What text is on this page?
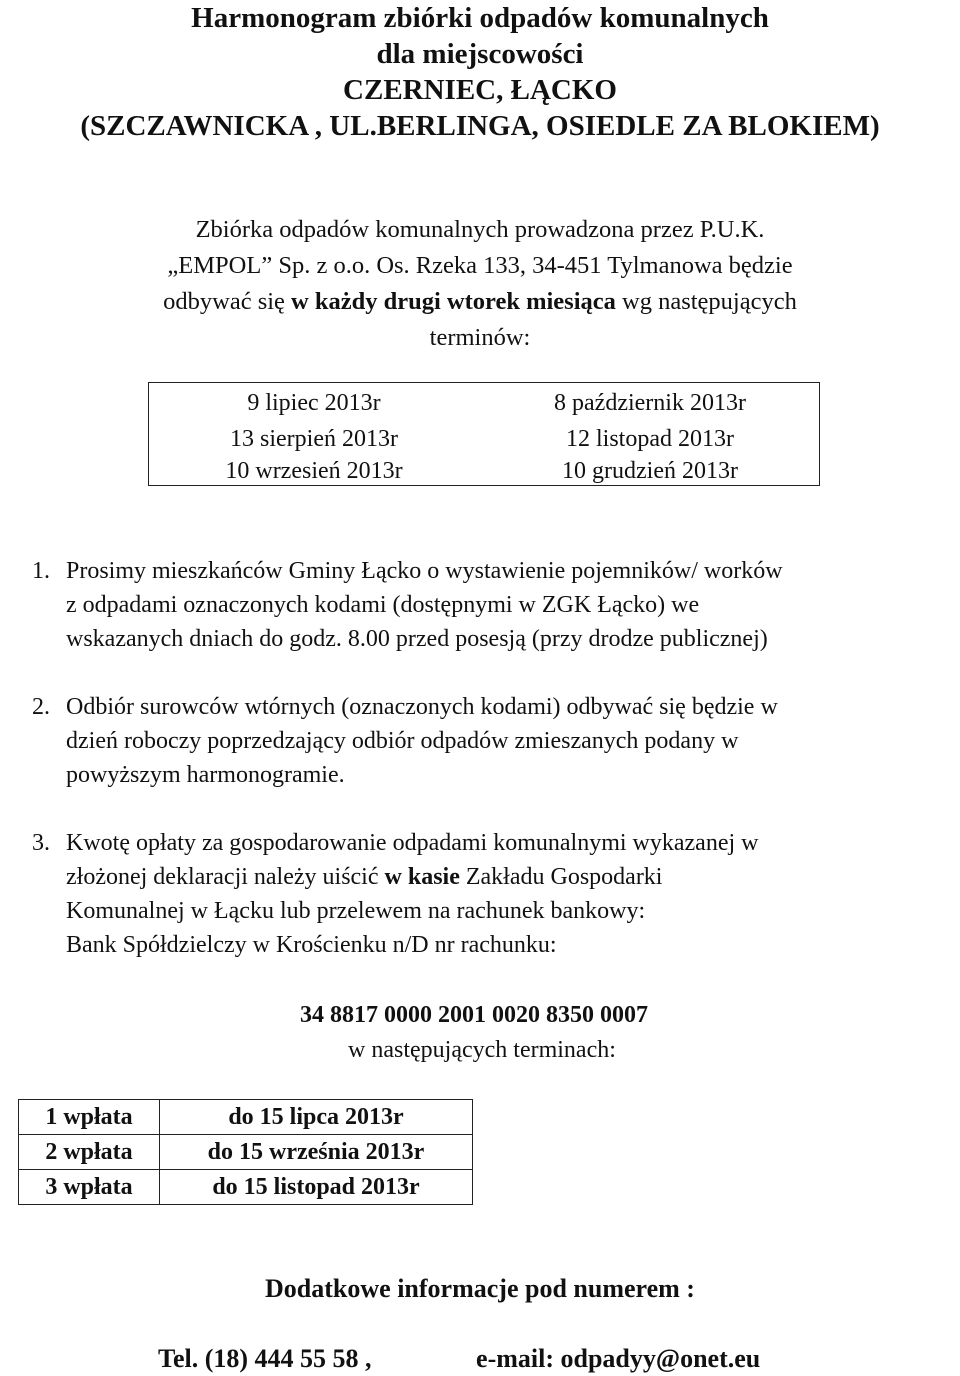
Harmonogram zbiórki odpadów komunalnych
dla miejscowości
CZERNIEC, ŁĄCKO
(SZCZAWNICKA , UL.BERLINGA, OSIEDLE ZA BLOKIEM)
Zbiórka odpadów komunalnych prowadzona przez P.U.K.
„EMPOL” Sp. z o.o. Os. Rzeka 133, 34-451 Tylmanowa będzie
odbywać się w każdy drugi wtorek miesiąca wg następujących
terminów:
9 lipiec 2013r	8 październik 2013r
13 sierpień 2013r	12 listopad 2013r
10 wrzesień 2013r	10 grudzień 2013r
1. Prosimy mieszkańców Gminy Łącko o wystawienie pojemników/ worków
z odpadami oznaczonych kodami (dostępnymi w ZGK Łącko) we
wskazanych dniach do godz. 8.00 przed posesją (przy drodze publicznej)
2. Odbiór surowców wtórnych (oznaczonych kodami) odbywać się będzie w
dzień roboczy poprzedzający odbiór odpadów zmieszanych podany w
powyższym harmonogramie.
3. Kwotę opłaty za gospodarowanie odpadami komunalnymi wykazanej w
złożonej deklaracji należy uiścić w kasie Zakładu Gospodarki
Komunalnej w Łącku lub przelewem na rachunek bankowy:
Bank Spółdzielczy w Krościenku n/D nr rachunku:
34 8817 0000 2001 0020 8350 0007
w następujących terminach:
1 wpłata	do 15 lipca 2013r
2 wpłata	do 15 września 2013r
3 wpłata	do 15 listopad 2013r
Dodatkowe informacje pod numerem :
Tel. (18) 444 55 58 ,	e-mail: odpadyy@onet.eu
